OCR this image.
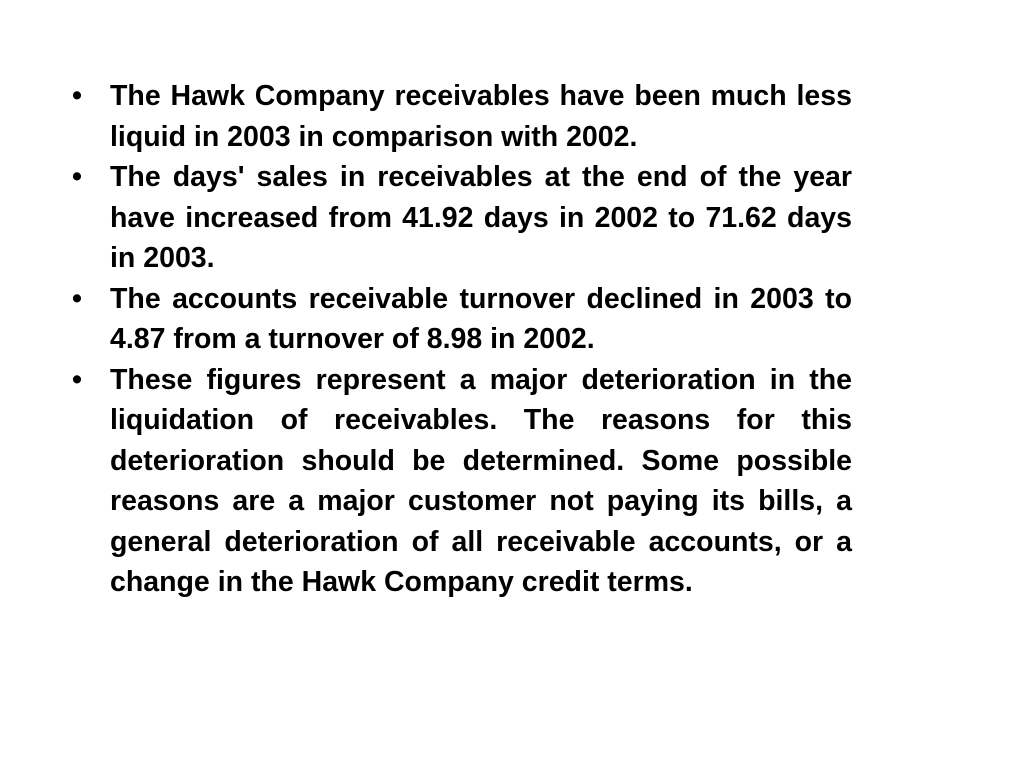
• The Hawk Company receivables have been much less liquid in 2003 in comparison with 2002.
• The days' sales in receivables at the end of the year have increased from 41.92 days in 2002 to 71.62 days in 2003.
• The accounts receivable turnover declined in 2003 to 4.87 from a turnover of 8.98 in 2002.
• These figures represent a major deterioration in the liquidation of receivables. The reasons for this deterioration should be determined. Some possible reasons are a major customer not paying its bills, a general deterioration of all receivable accounts, or a change in the Hawk Company credit terms.
